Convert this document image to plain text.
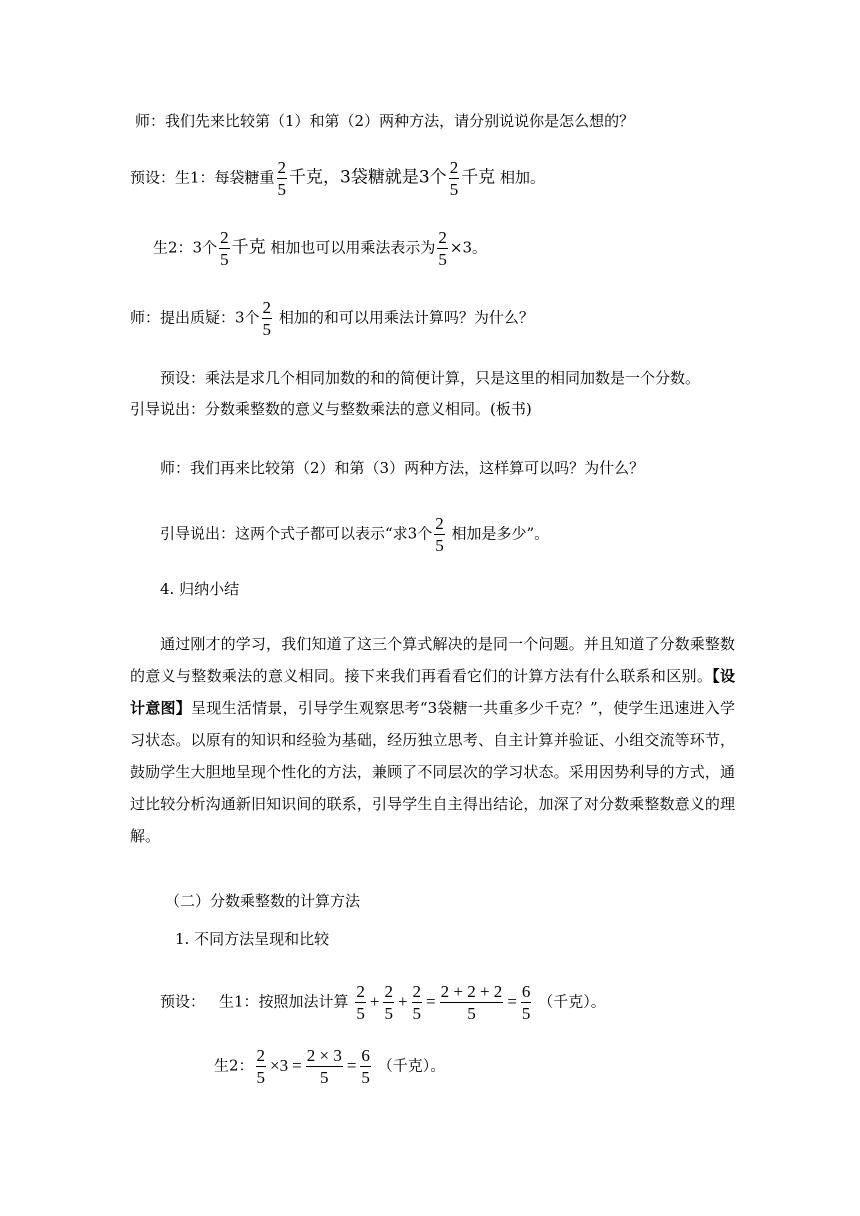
师：我们先来比较第（1）和第（2）两种方法，请分别说说你是怎么想的？
预设：生1：每袋糖重 $\frac{2}{5}$ 千克，3袋糖就是3个 $\frac{2}{5}$ 千克 相加。
生2：3个 $\frac{2}{5}$ 千克 相加也可以用乘法表示为 $\frac{2}{5} \times 3$。
师：提出质疑：3个 $\frac{2}{5}$ 相加的和可以用乘法计算吗？为什么？
预设：乘法是求几个相同加数的和的简便计算，只是这里的相同加数是一个分数。
引导说出：分数乘整数的意义与整数乘法的意义相同。(板书)
师：我们再来比较第（2）和第（3）两种方法，这样算可以吗？为什么？
引导说出：这两个式子都可以表示“求3个 $\frac{2}{5}$ 相加是多少”。
4. 归纳小结
通过刚才的学习，我们知道了这三个算式解决的是同一个问题。并且知道了分数乘整数的意义与整数乘法的意义相同。接下来我们再看看它们的计算方法有什么联系和区别。【设计意图】呈现生活情景，引导学生观察思考“3袋糖一共重多少千克？”，使学生迅速进入学习状态。以原有的知识和经验为基础，经历独立思考、自主计算并验证、小组交流等环节，鼓励学生大胆地呈现个性化的方法，兼顾了不同层次的学习状态。采用因势利导的方式，通过比较分析沟通新旧知识间的联系，引导学生自主得出结论，加深了对分数乘整数意义的理解。
（二）分数乘整数的计算方法
1. 不同方法呈现和比较
预设： 生1：按照加法计算 $\frac{2}{5} + \frac{2}{5} + \frac{2}{5} = \frac{2 + 2 + 2}{5} = \frac{6}{5}$ （千克）。
生2： $\frac{2}{5} \times 3 = \frac{2 \times 3}{5} = \frac{6}{5}$ （千克）。
